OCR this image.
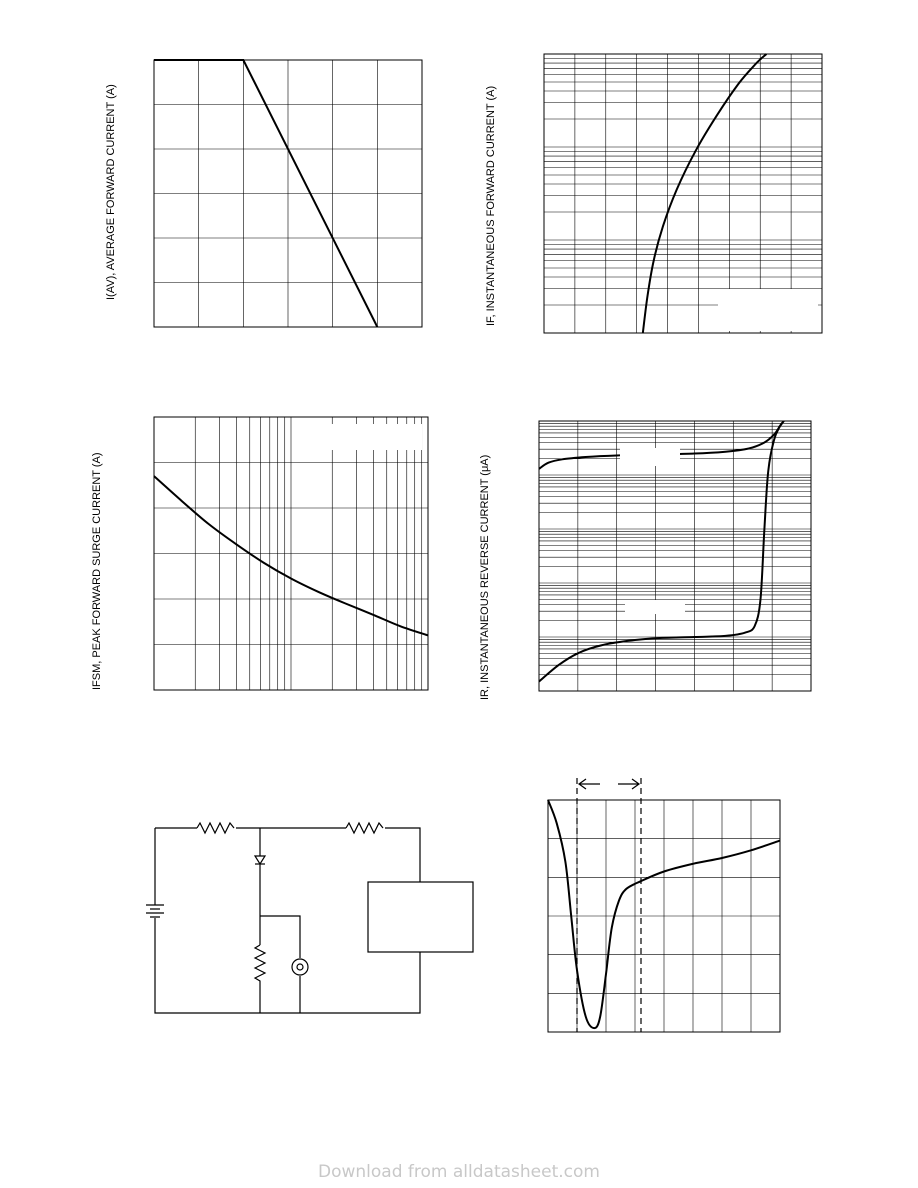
I(AV), AVERAGE FORWARD CURRENT (A)	IF, INSTANTANEOUS FORWARD CURRENT (A)
IFSM, PEAK FORWARD SURGE CURRENT (A)	IR, INSTANTANEOUS REVERSE CURRENT (μA)
Download from alldatasheet.com
